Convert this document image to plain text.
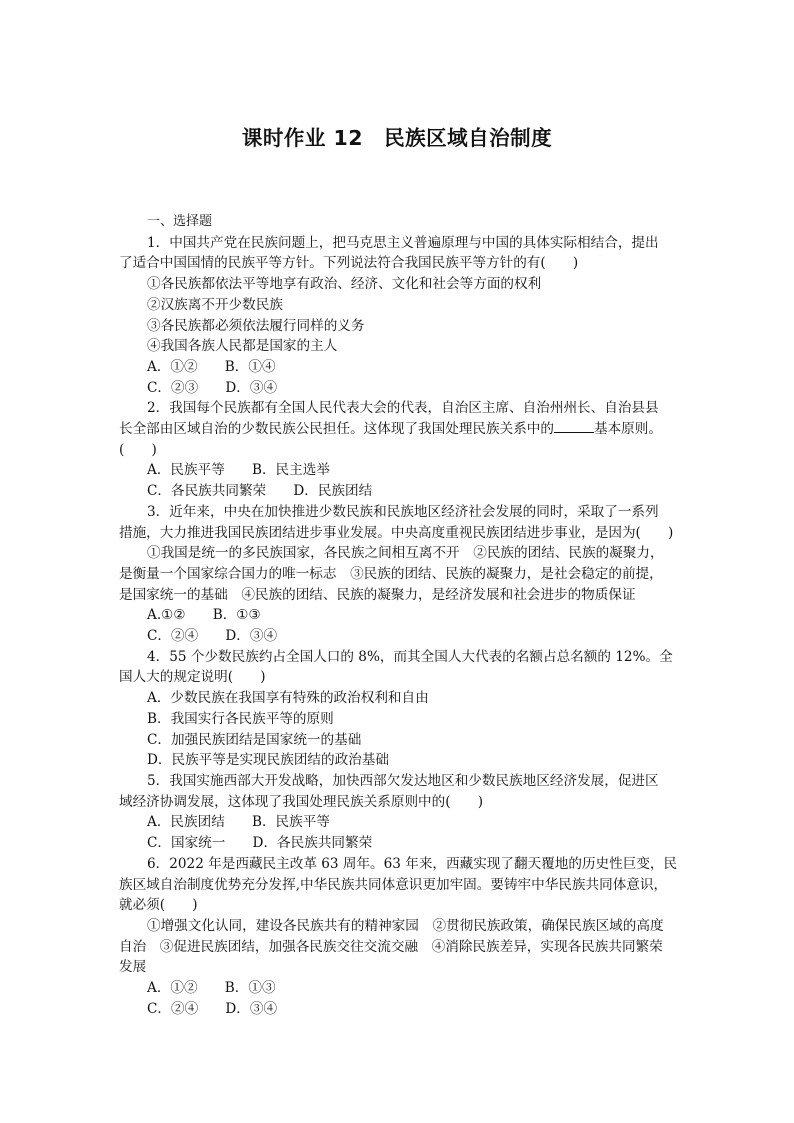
课时作业 12　民族区域自治制度
一、选择题
1．中国共产党在民族问题上，把马克思主义普遍原理与中国的具体实际相结合，提出
了适合中国国情的民族平等方针。下列说法符合我国民族平等方针的有(　　)
①各民族都依法平等地享有政治、经济、文化和社会等方面的权利
②汉族离不开少数民族
③各民族都必须依法履行同样的义务
④我国各族人民都是国家的主人
A．①②　　B．①④
C．②③　　D．③④
2．我国每个民族都有全国人民代表大会的代表，自治区主席、自治州州长、自治县县
长全部由区域自治的少数民族公民担任。这体现了我国处理民族关系中的	基本原则。
(　　)
A．民族平等　　B．民主选举
C．各民族共同繁荣　　D．民族团结
3．近年来，中央在加快推进少数民族和民族地区经济社会发展的同时，采取了一系列
措施，大力推进我国民族团结进步事业发展。中央高度重视民族团结进步事业，是因为(　　)
①我国是统一的多民族国家，各民族之间相互离不开　②民族的团结、民族的凝聚力，
是衡量一个国家综合国力的唯一标志　③民族的团结、民族的凝聚力，是社会稳定的前提，
是国家统一的基础　④民族的团结、民族的凝聚力，是经济发展和社会进步的物质保证
A.①②　　B．①③
C．②④　　D．③④
4．55 个少数民族约占全国人口的 8%，而其全国人大代表的名额占总名额的 12%。全
国人大的规定说明(　　)
A．少数民族在我国享有特殊的政治权利和自由
B．我国实行各民族平等的原则
C．加强民族团结是国家统一的基础
D．民族平等是实现民族团结的政治基础
5．我国实施西部大开发战略，加快西部欠发达地区和少数民族地区经济发展，促进区
域经济协调发展，这体现了我国处理民族关系原则中的(　　)
A．民族团结　　B．民族平等
C．国家统一　　D．各民族共同繁荣
6．2022 年是西藏民主改革 63 周年。63 年来，西藏实现了翻天覆地的历史性巨变，民
族区域自治制度优势充分发挥,中华民族共同体意识更加牢固。要铸牢中华民族共同体意识，
就必须(　　)
①增强文化认同，建设各民族共有的精神家园　②贯彻民族政策，确保民族区域的高度
自治　③促进民族团结，加强各民族交往交流交融　④消除民族差异，实现各民族共同繁荣
发展
A．①②　　B．①③
C．②④　　D．③④
